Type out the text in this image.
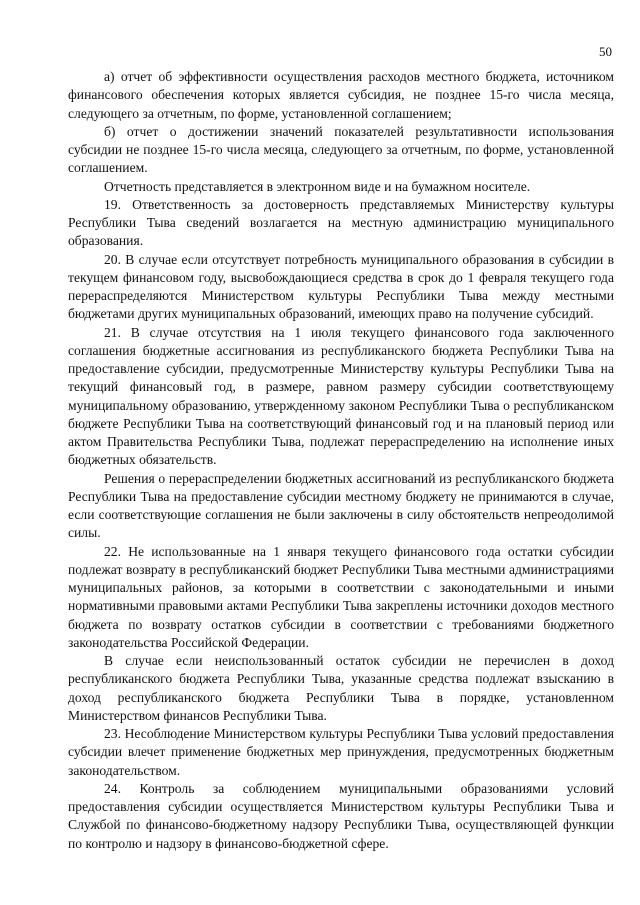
50

а) отчет об эффективности осуществления расходов местного бюджета, источником финансового обеспечения которых является субсидия, не позднее 15-го числа месяца, следующего за отчетным, по форме, установленной соглашением;

б) отчет о достижении значений показателей результативности использования субсидии не позднее 15-го числа месяца, следующего за отчетным, по форме, установленной соглашением.

Отчетность представляется в электронном виде и на бумажном носителе.

19. Ответственность за достоверность представляемых Министерству культуры Республики Тыва сведений возлагается на местную администрацию муниципального образования.

20. В случае если отсутствует потребность муниципального образования в субсидии в текущем финансовом году, высвобождающиеся средства в срок до 1 февраля текущего года перераспределяются Министерством культуры Республики Тыва между местными бюджетами других муниципальных образований, имеющих право на получение субсидий.

21. В случае отсутствия на 1 июля текущего финансового года заключенного соглашения бюджетные ассигнования из республиканского бюджета Республики Тыва на предоставление субсидии, предусмотренные Министерству культуры Республики Тыва на текущий финансовый год, в размере, равном размеру субсидии соответствующему муниципальному образованию, утвержденному законом Республики Тыва о республиканском бюджете Республики Тыва на соответствующий финансовый год и на плановый период или актом Правительства Республики Тыва, подлежат перераспределению на исполнение иных бюджетных обязательств.

Решения о перераспределении бюджетных ассигнований из республиканского бюджета Республики Тыва на предоставление субсидии местному бюджету не принимаются в случае, если соответствующие соглашения не были заключены в силу обстоятельств непреодолимой силы.

22. Не использованные на 1 января текущего финансового года остатки субсидии подлежат возврату в республиканский бюджет Республики Тыва местными администрациями муниципальных районов, за которыми в соответствии с законодательными и иными нормативными правовыми актами Республики Тыва закреплены источники доходов местного бюджета по возврату остатков субсидии в соответствии с требованиями бюджетного законодательства Российской Федерации.

В случае если неиспользованный остаток субсидии не перечислен в доход республиканского бюджета Республики Тыва, указанные средства подлежат взысканию в доход республиканского бюджета Республики Тыва в порядке, установленном Министерством финансов Республики Тыва.

23. Несоблюдение Министерством культуры Республики Тыва условий предоставления субсидии влечет применение бюджетных мер принуждения, предусмотренных бюджетным законодательством.

24. Контроль за соблюдением муниципальными образованиями условий предоставления субсидии осуществляется Министерством культуры Республики Тыва и Службой по финансово-бюджетному надзору Республики Тыва, осуществляющей функции по контролю и надзору в финансово-бюджетной сфере.
